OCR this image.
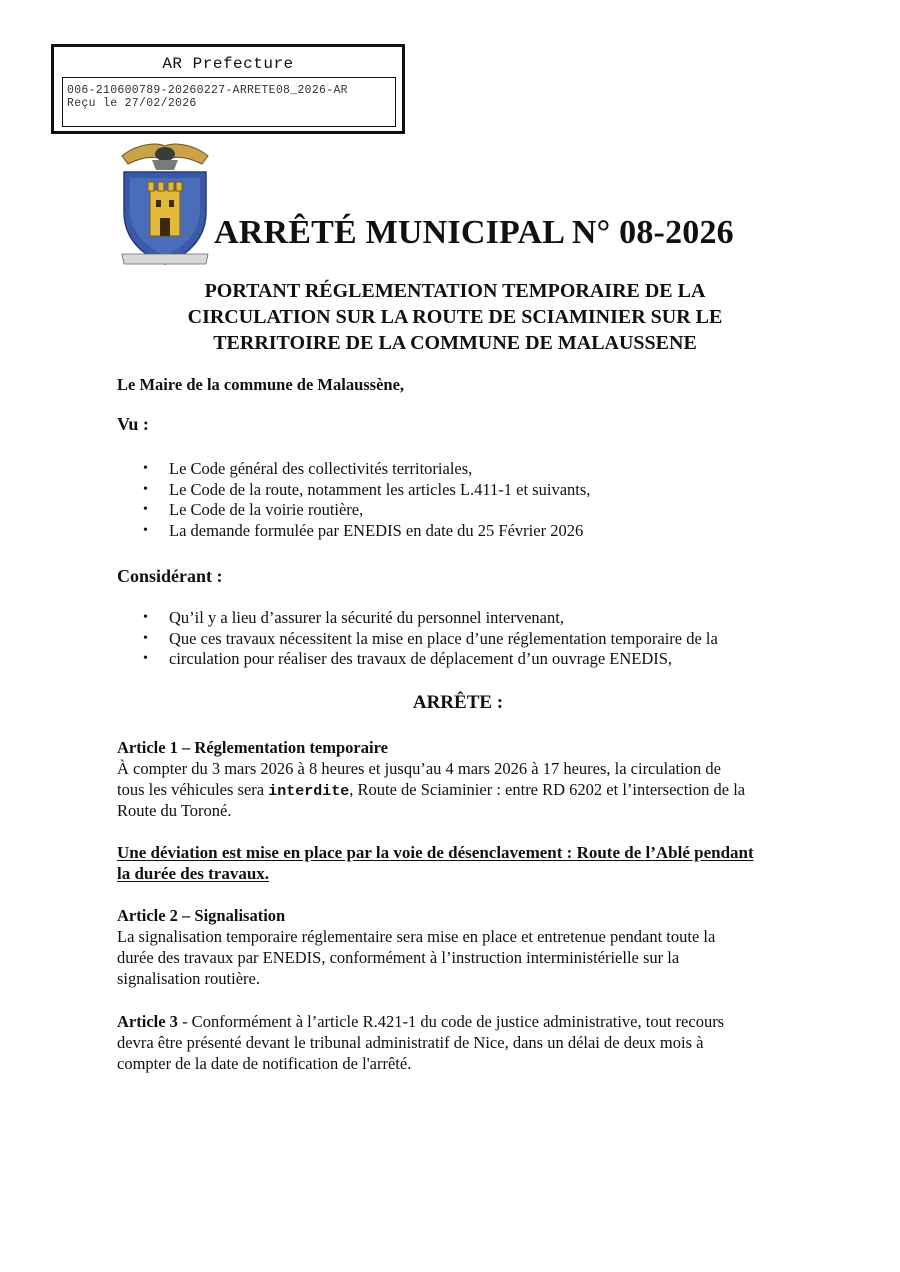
AR Prefecture
006-210600789-20260227-ARRETE08_2026-AR
Reçu le 27/02/2026
ARRÊTÉ MUNICIPAL N° 08-2026
PORTANT RÉGLEMENTATION TEMPORAIRE DE LA
CIRCULATION SUR LA ROUTE DE SCIAMINIER SUR LE
TERRITOIRE DE LA COMMUNE DE MALAUSSENE
Le Maire de la commune de Malaussène,
Vu :
• Le Code général des collectivités territoriales,
• Le Code de la route, notamment les articles L.411-1 et suivants,
• Le Code de la voirie routière,
• La demande formulée par ENEDIS en date du 25 Février 2026
Considérant :
• Qu’il y a lieu d’assurer la sécurité du personnel intervenant,
• Que ces travaux nécessitent la mise en place d’une réglementation temporaire de la
• circulation pour réaliser des travaux de déplacement d’un ouvrage ENEDIS,
ARRÊTE :
Article 1 – Réglementation temporaire
À compter du 3 mars 2026 à 8 heures et jusqu’au 4 mars 2026 à 17 heures, la circulation de
tous les véhicules sera interdite, Route de Sciaminier : entre RD 6202 et l’intersection de la
Route du Toroné.
Une déviation est mise en place par la voie de désenclavement : Route de l’Ablé pendant
la durée des travaux.
Article 2 – Signalisation
La signalisation temporaire réglementaire sera mise en place et entretenue pendant toute la
durée des travaux par ENEDIS, conformément à l’instruction interministérielle sur la
signalisation routière.
Article 3 - Conformément à l’article R.421-1 du code de justice administrative, tout recours
devra être présenté devant le tribunal administratif de Nice, dans un délai de deux mois à
compter de la date de notification de l'arrêté.
